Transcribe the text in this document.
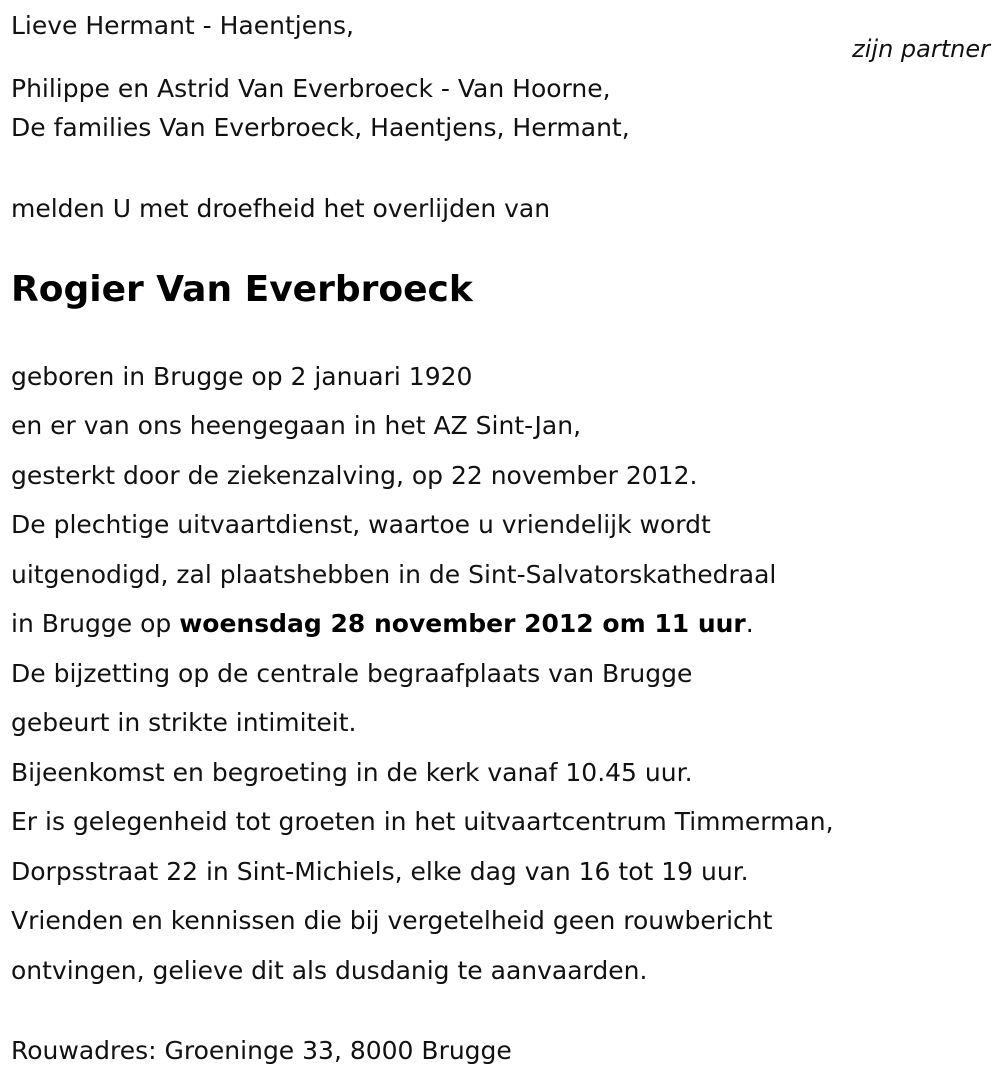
Lieve Hermant - Haentjens,
zijn partner
Philippe en Astrid Van Everbroeck - Van Hoorne,
De families Van Everbroeck, Haentjens, Hermant,
melden U met droefheid het overlijden van
Rogier Van Everbroeck
geboren in Brugge op 2 januari 1920
en er van ons heengegaan in het AZ Sint-Jan,
gesterkt door de ziekenzalving, op 22 november 2012.
De plechtige uitvaartdienst, waartoe u vriendelijk wordt
uitgenodigd, zal plaatshebben in de Sint-Salvatorskathedraal
in Brugge op woensdag 28 november 2012 om 11 uur.
De bijzetting op de centrale begraafplaats van Brugge
gebeurt in strikte intimiteit.
Bijeenkomst en begroeting in de kerk vanaf 10.45 uur.
Er is gelegenheid tot groeten in het uitvaartcentrum Timmerman,
Dorpsstraat 22 in Sint-Michiels, elke dag van 16 tot 19 uur.
Vrienden en kennissen die bij vergetelheid geen rouwbericht
ontvingen, gelieve dit als dusdanig te aanvaarden.
Rouwadres: Groeninge 33, 8000 Brugge
